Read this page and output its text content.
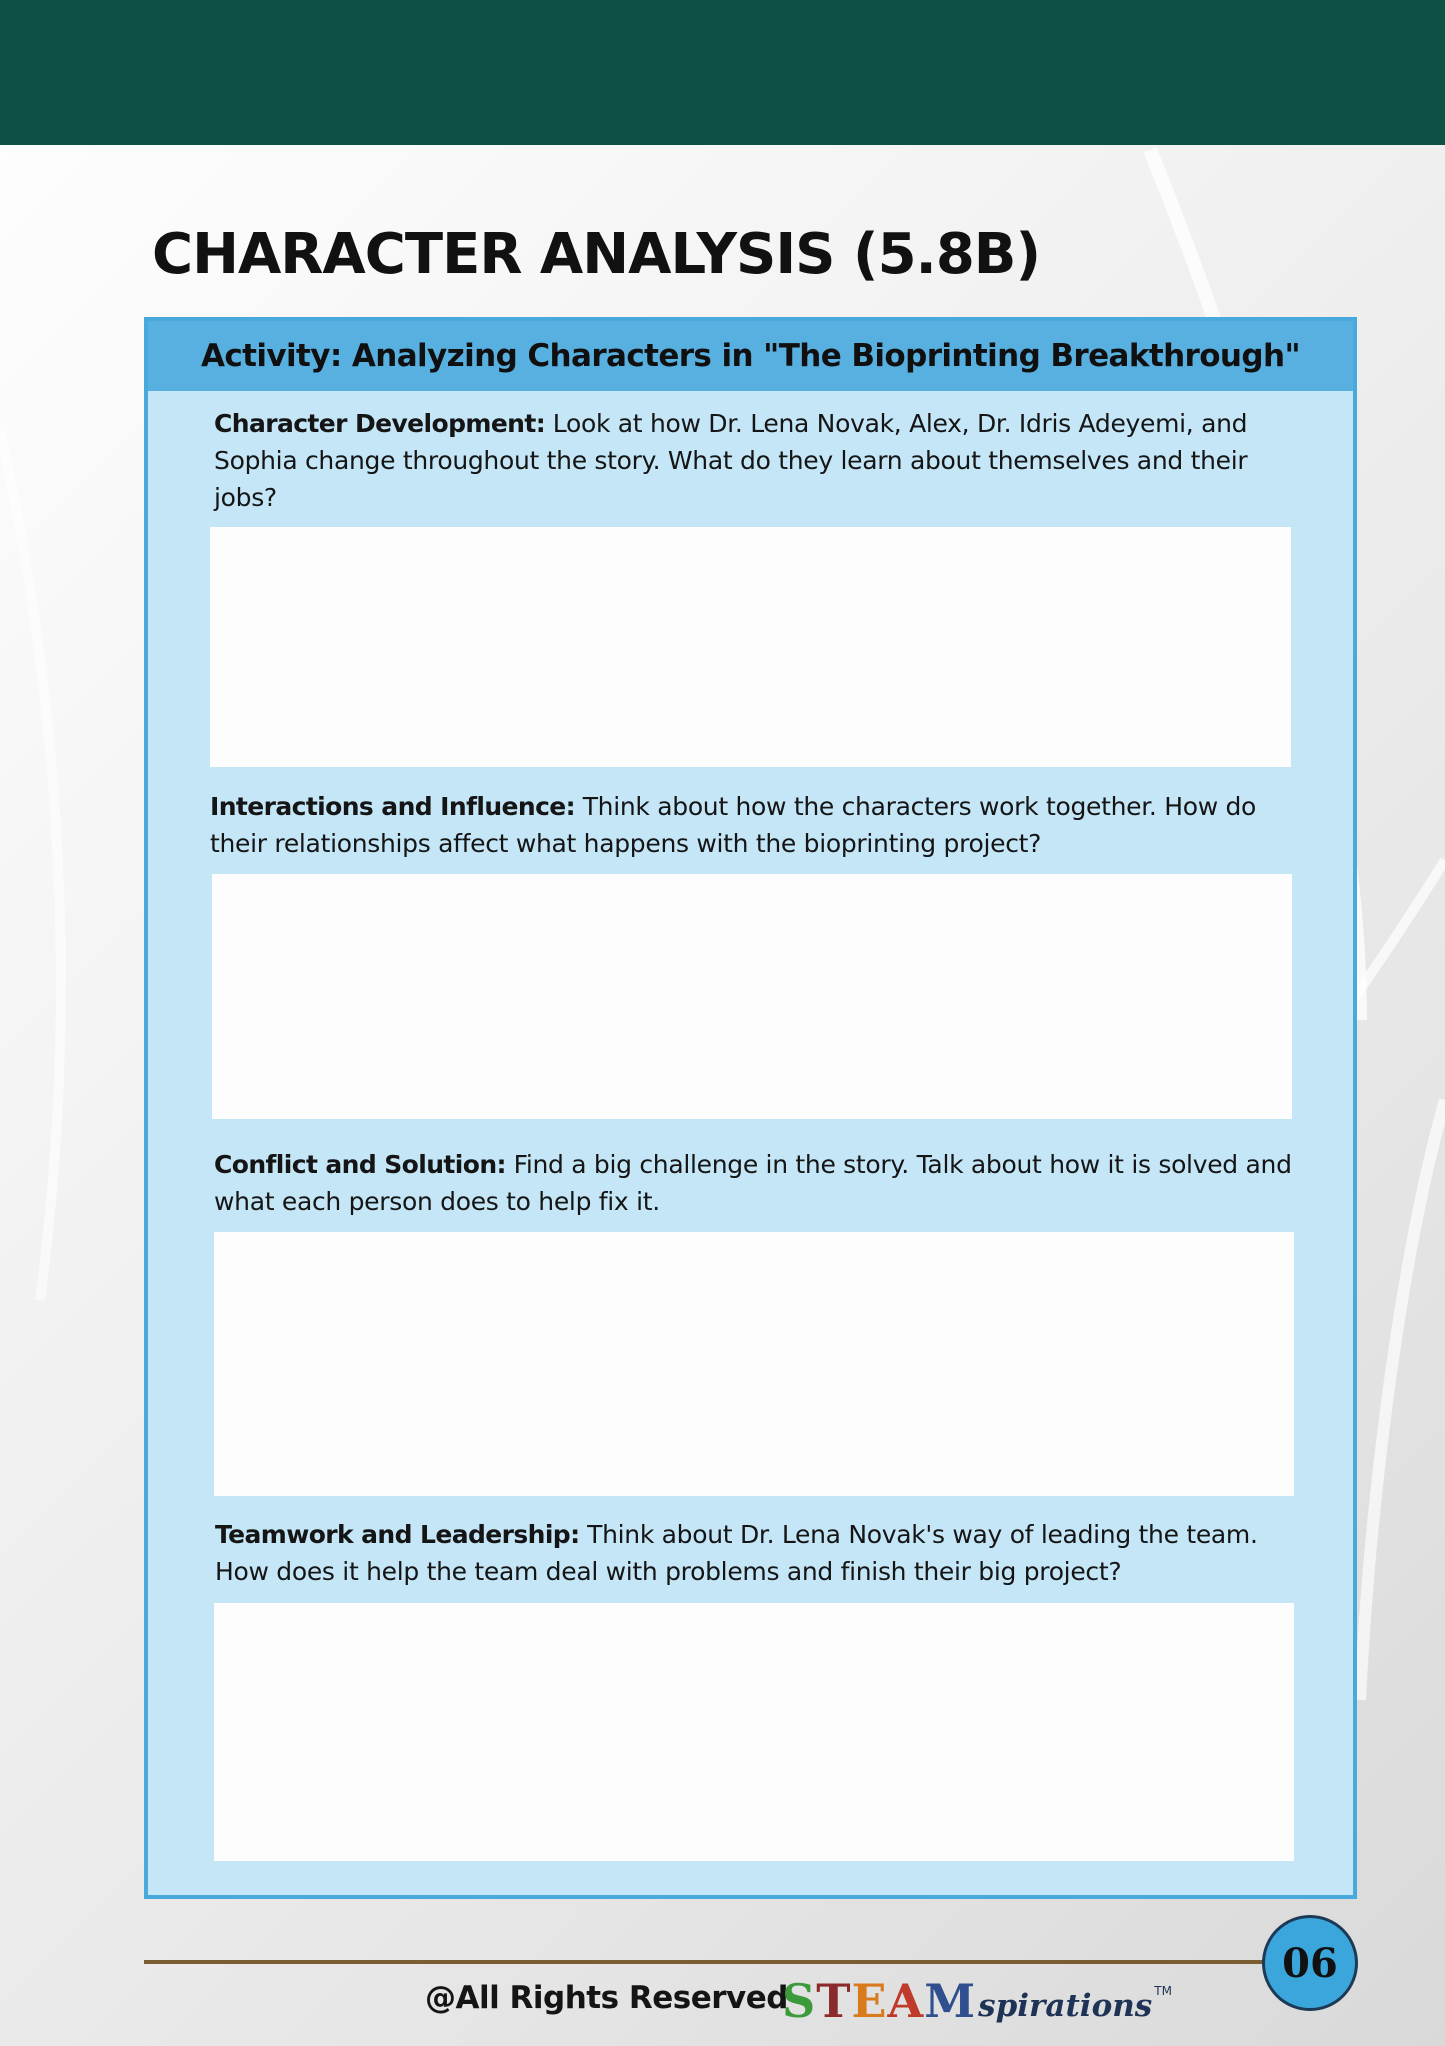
CHARACTER ANALYSIS (5.8B)
Activity: Analyzing Characters in "The Bioprinting Breakthrough"

Character Development: Look at how Dr. Lena Novak, Alex, Dr. Idris Adeyemi, and Sophia change throughout the story. What do they learn about themselves and their jobs?

Interactions and Influence: Think about how the characters work together. How do their relationships affect what happens with the bioprinting project?

Conflict and Solution: Find a big challenge in the story. Talk about how it is solved and what each person does to help fix it.

Teamwork and Leadership: Think about Dr. Lena Novak's way of leading the team. How does it help the team deal with problems and finish their big project?

06
@All Rights Reserved
S T E A M spirations TM
